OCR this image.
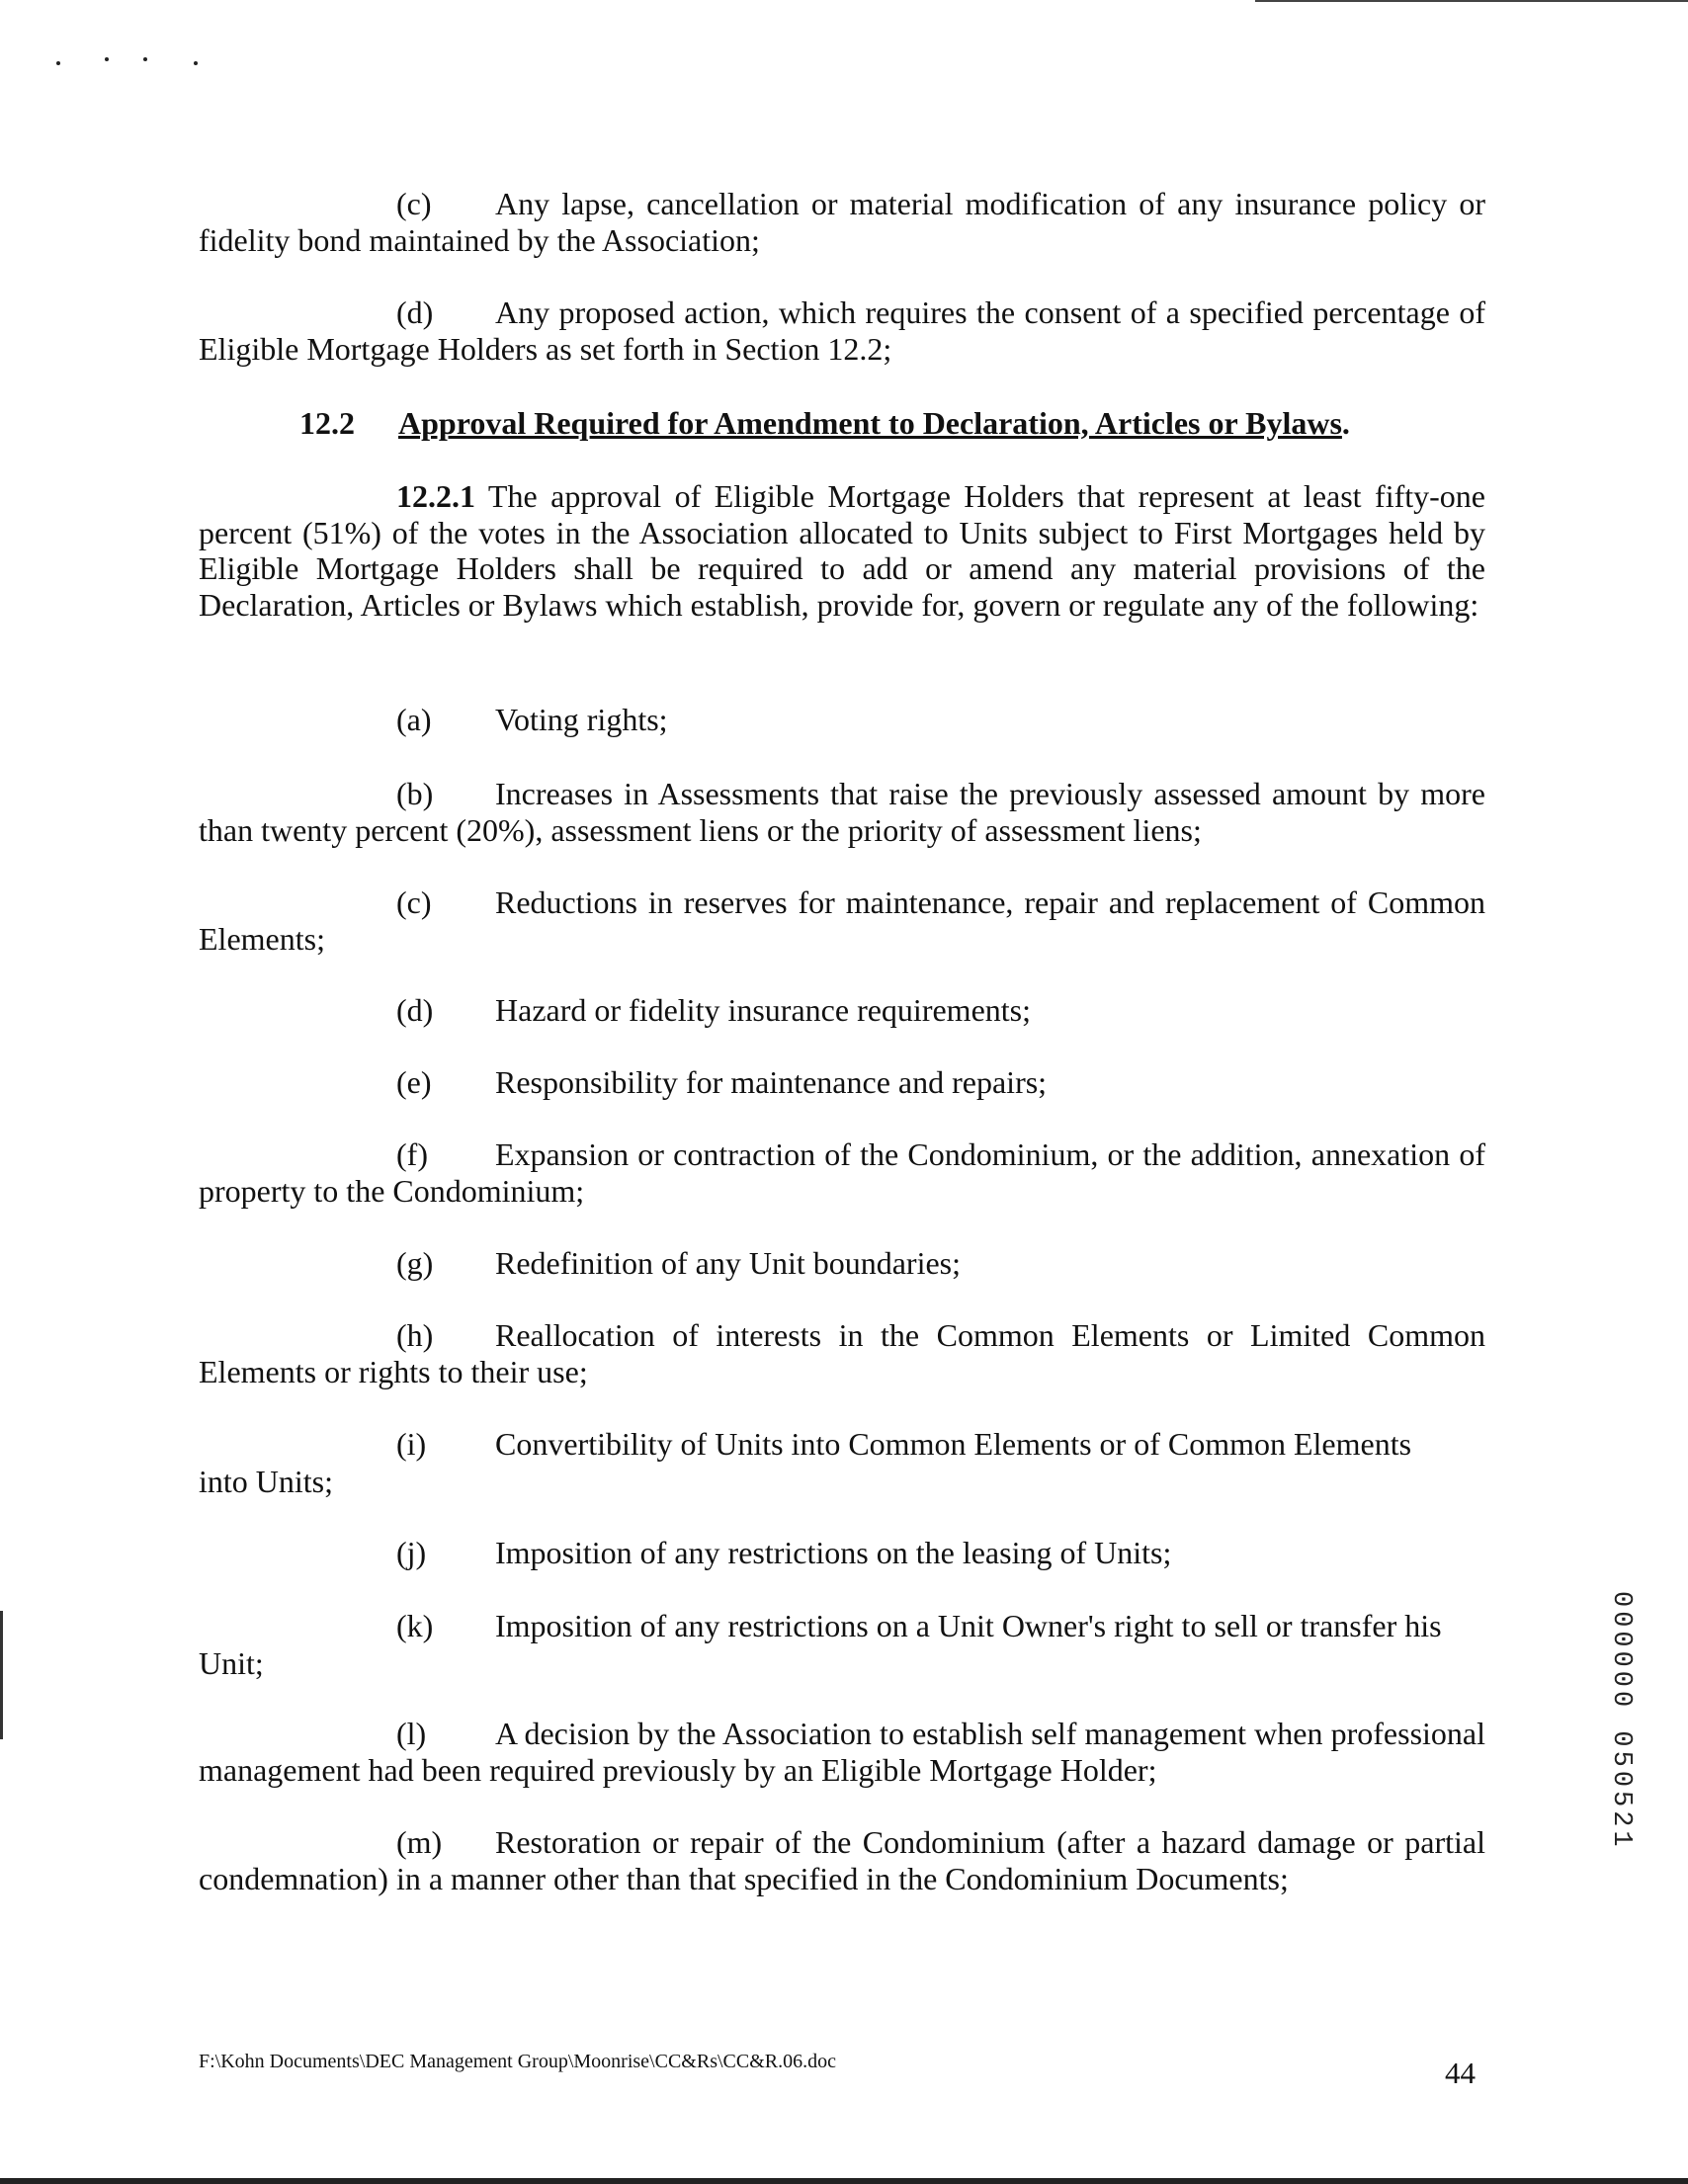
(c) Any lapse, cancellation or material modification of any insurance policy or fidelity bond maintained by the Association;
(d) Any proposed action, which requires the consent of a specified percentage of Eligible Mortgage Holders as set forth in Section 12.2;
12.2 Approval Required for Amendment to Declaration, Articles or Bylaws.
12.2.1 The approval of Eligible Mortgage Holders that represent at least fifty-one percent (51%) of the votes in the Association allocated to Units subject to First Mortgages held by Eligible Mortgage Holders shall be required to add or amend any material provisions of the Declaration, Articles or Bylaws which establish, provide for, govern or regulate any of the following:
(a) Voting rights;
(b) Increases in Assessments that raise the previously assessed amount by more than twenty percent (20%), assessment liens or the priority of assessment liens;
(c) Reductions in reserves for maintenance, repair and replacement of Common Elements;
(d) Hazard or fidelity insurance requirements;
(e) Responsibility for maintenance and repairs;
(f) Expansion or contraction of the Condominium, or the addition, annexation of property to the Condominium;
(g) Redefinition of any Unit boundaries;
(h) Reallocation of interests in the Common Elements or Limited Common Elements or rights to their use;
(i) Convertibility of Units into Common Elements or of Common Elements
into Units;
(j) Imposition of any restrictions on the leasing of Units;
(k) Imposition of any restrictions on a Unit Owner's right to sell or transfer his
Unit;
(l) A decision by the Association to establish self management when professional management had been required previously by an Eligible Mortgage Holder;
(m) Restoration or repair of the Condominium (after a hazard damage or partial condemnation) in a manner other than that specified in the Condominium Documents;
F:\Kohn Documents\DEC Management Group\Moonrise\CC&Rs\CC&R.06.doc	44
000000 050521
